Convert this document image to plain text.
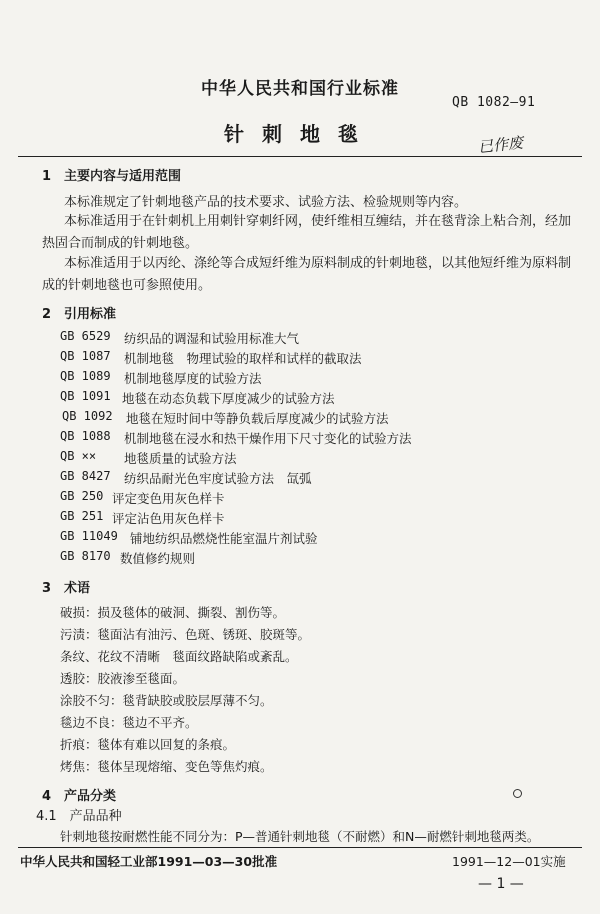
中华人民共和国行业标准
QB 1082—91
针刺地毯	已作废
1　主要内容与适用范围
本标准规定了针刺地毯产品的技术要求、试验方法、检验规则等内容。
本标准适用于在针刺机上用刺针穿刺纤网，使纤维相互缠结，并在毯背涂上粘合剂，经加热固合而制成的针刺地毯。
本标准适用于以丙纶、涤纶等合成短纤维为原料制成的针刺地毯，以其他短纤维为原料制成的针刺地毯也可参照使用。
2　引用标准
GB 6529 纺织品的调湿和试验用标准大气
QB 1087 机制地毯　物理试验的取样和试样的截取法
QB 1089 机制地毯厚度的试验方法
QB 1091 地毯在动态负载下厚度减少的试验方法
QB 1092 地毯在短时间中等静负载后厚度减少的试验方法
QB 1088 机制地毯在浸水和热干燥作用下尺寸变化的试验方法
QB ×× 地毯质量的试验方法
GB 8427 纺织品耐光色牢度试验方法　氙弧
GB 250 评定变色用灰色样卡
GB 251 评定沾色用灰色样卡
GB 11049 铺地纺织品燃烧性能室温片剂试验
GB 8170 数值修约规则
3　术语
破损：损及毯体的破洞、撕裂、割伤等。
污渍：毯面沾有油污、色斑、锈斑、胶斑等。
条纹、花纹不清晰　毯面纹路缺陷或紊乱。
透胶：胶液渗至毯面。
涂胶不匀：毯背缺胶或胶层厚薄不匀。
毯边不良：毯边不平齐。
折痕：毯体有难以回复的条痕。
烤焦：毯体呈现熔缩、变色等焦灼痕。
4　产品分类
4.1　产品品种
针刺地毯按耐燃性能不同分为：P—普通针刺地毯（不耐燃）和N—耐燃针刺地毯两类。
中华人民共和国轻工业部1991—03—30批准	1991—12—01实施
— 1 —
